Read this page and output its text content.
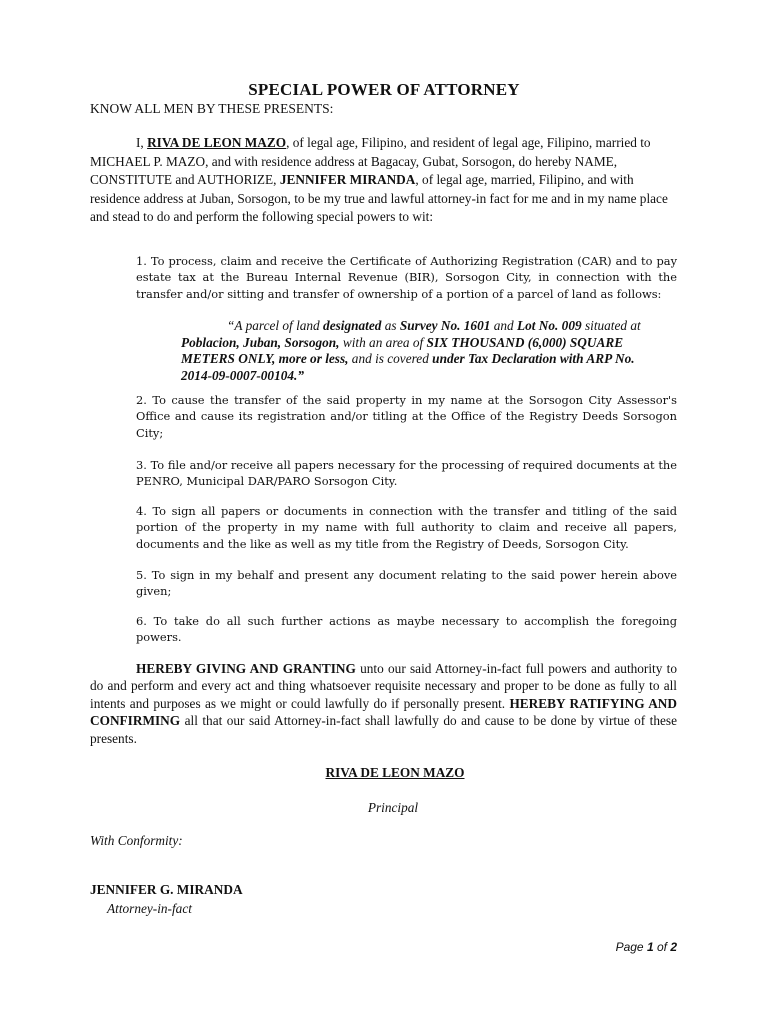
SPECIAL POWER OF ATTORNEY
KNOW ALL MEN BY THESE PRESENTS:

I, RIVA DE LEON MAZO, of legal age, Filipino, and resident of legal age, Filipino, married to MICHAEL P. MAZO, and with residence address at Bagacay, Gubat, Sorsogon, do hereby NAME, CONSTITUTE and AUTHORIZE, JENNIFER MIRANDA, of legal age, married, Filipino, and with residence address at Juban, Sorsogon, to be my true and lawful attorney-in fact for me and in my name place and stead to do and perform the following special powers to wit:

1. To process, claim and receive the Certificate of Authorizing Registration (CAR) and to pay estate tax at the Bureau Internal Revenue (BIR), Sorsogon City, in connection with the transfer and/or sitting and transfer of ownership of a portion of a parcel of land as follows:

“A parcel of land designated as Survey No. 1601 and Lot No. 009 situated at Poblacion, Juban, Sorsogon, with an area of SIX THOUSAND (6,000) SQUARE METERS ONLY, more or less, and is covered under Tax Declaration with ARP No. 2014-09-0007-00104.”

2. To cause the transfer of the said property in my name at the Sorsogon City Assessor's Office and cause its registration and/or titling at the Office of the Registry Deeds Sorsogon City;

3. To file and/or receive all papers necessary for the processing of required documents at the PENRO, Municipal DAR/PARO Sorsogon City.

4. To sign all papers or documents in connection with the transfer and titling of the said portion of the property in my name with full authority to claim and receive all papers, documents and the like as well as my title from the Registry of Deeds, Sorsogon City.

5. To sign in my behalf and present any document relating to the said power herein above given;

6. To take do all such further actions as maybe necessary to accomplish the foregoing powers.

HEREBY GIVING AND GRANTING unto our said Attorney-in-fact full powers and authority to do and perform and every act and thing whatsoever requisite necessary and proper to be done as fully to all intents and purposes as we might or could lawfully do if personally present. HEREBY RATIFYING AND CONFIRMING all that our said Attorney-in-fact shall lawfully do and cause to be done by virtue of these presents.

RIVA DE LEON MAZO
Principal
With Conformity:
JENNIFER G. MIRANDA
Attorney-in-fact
Page 1 of 2
